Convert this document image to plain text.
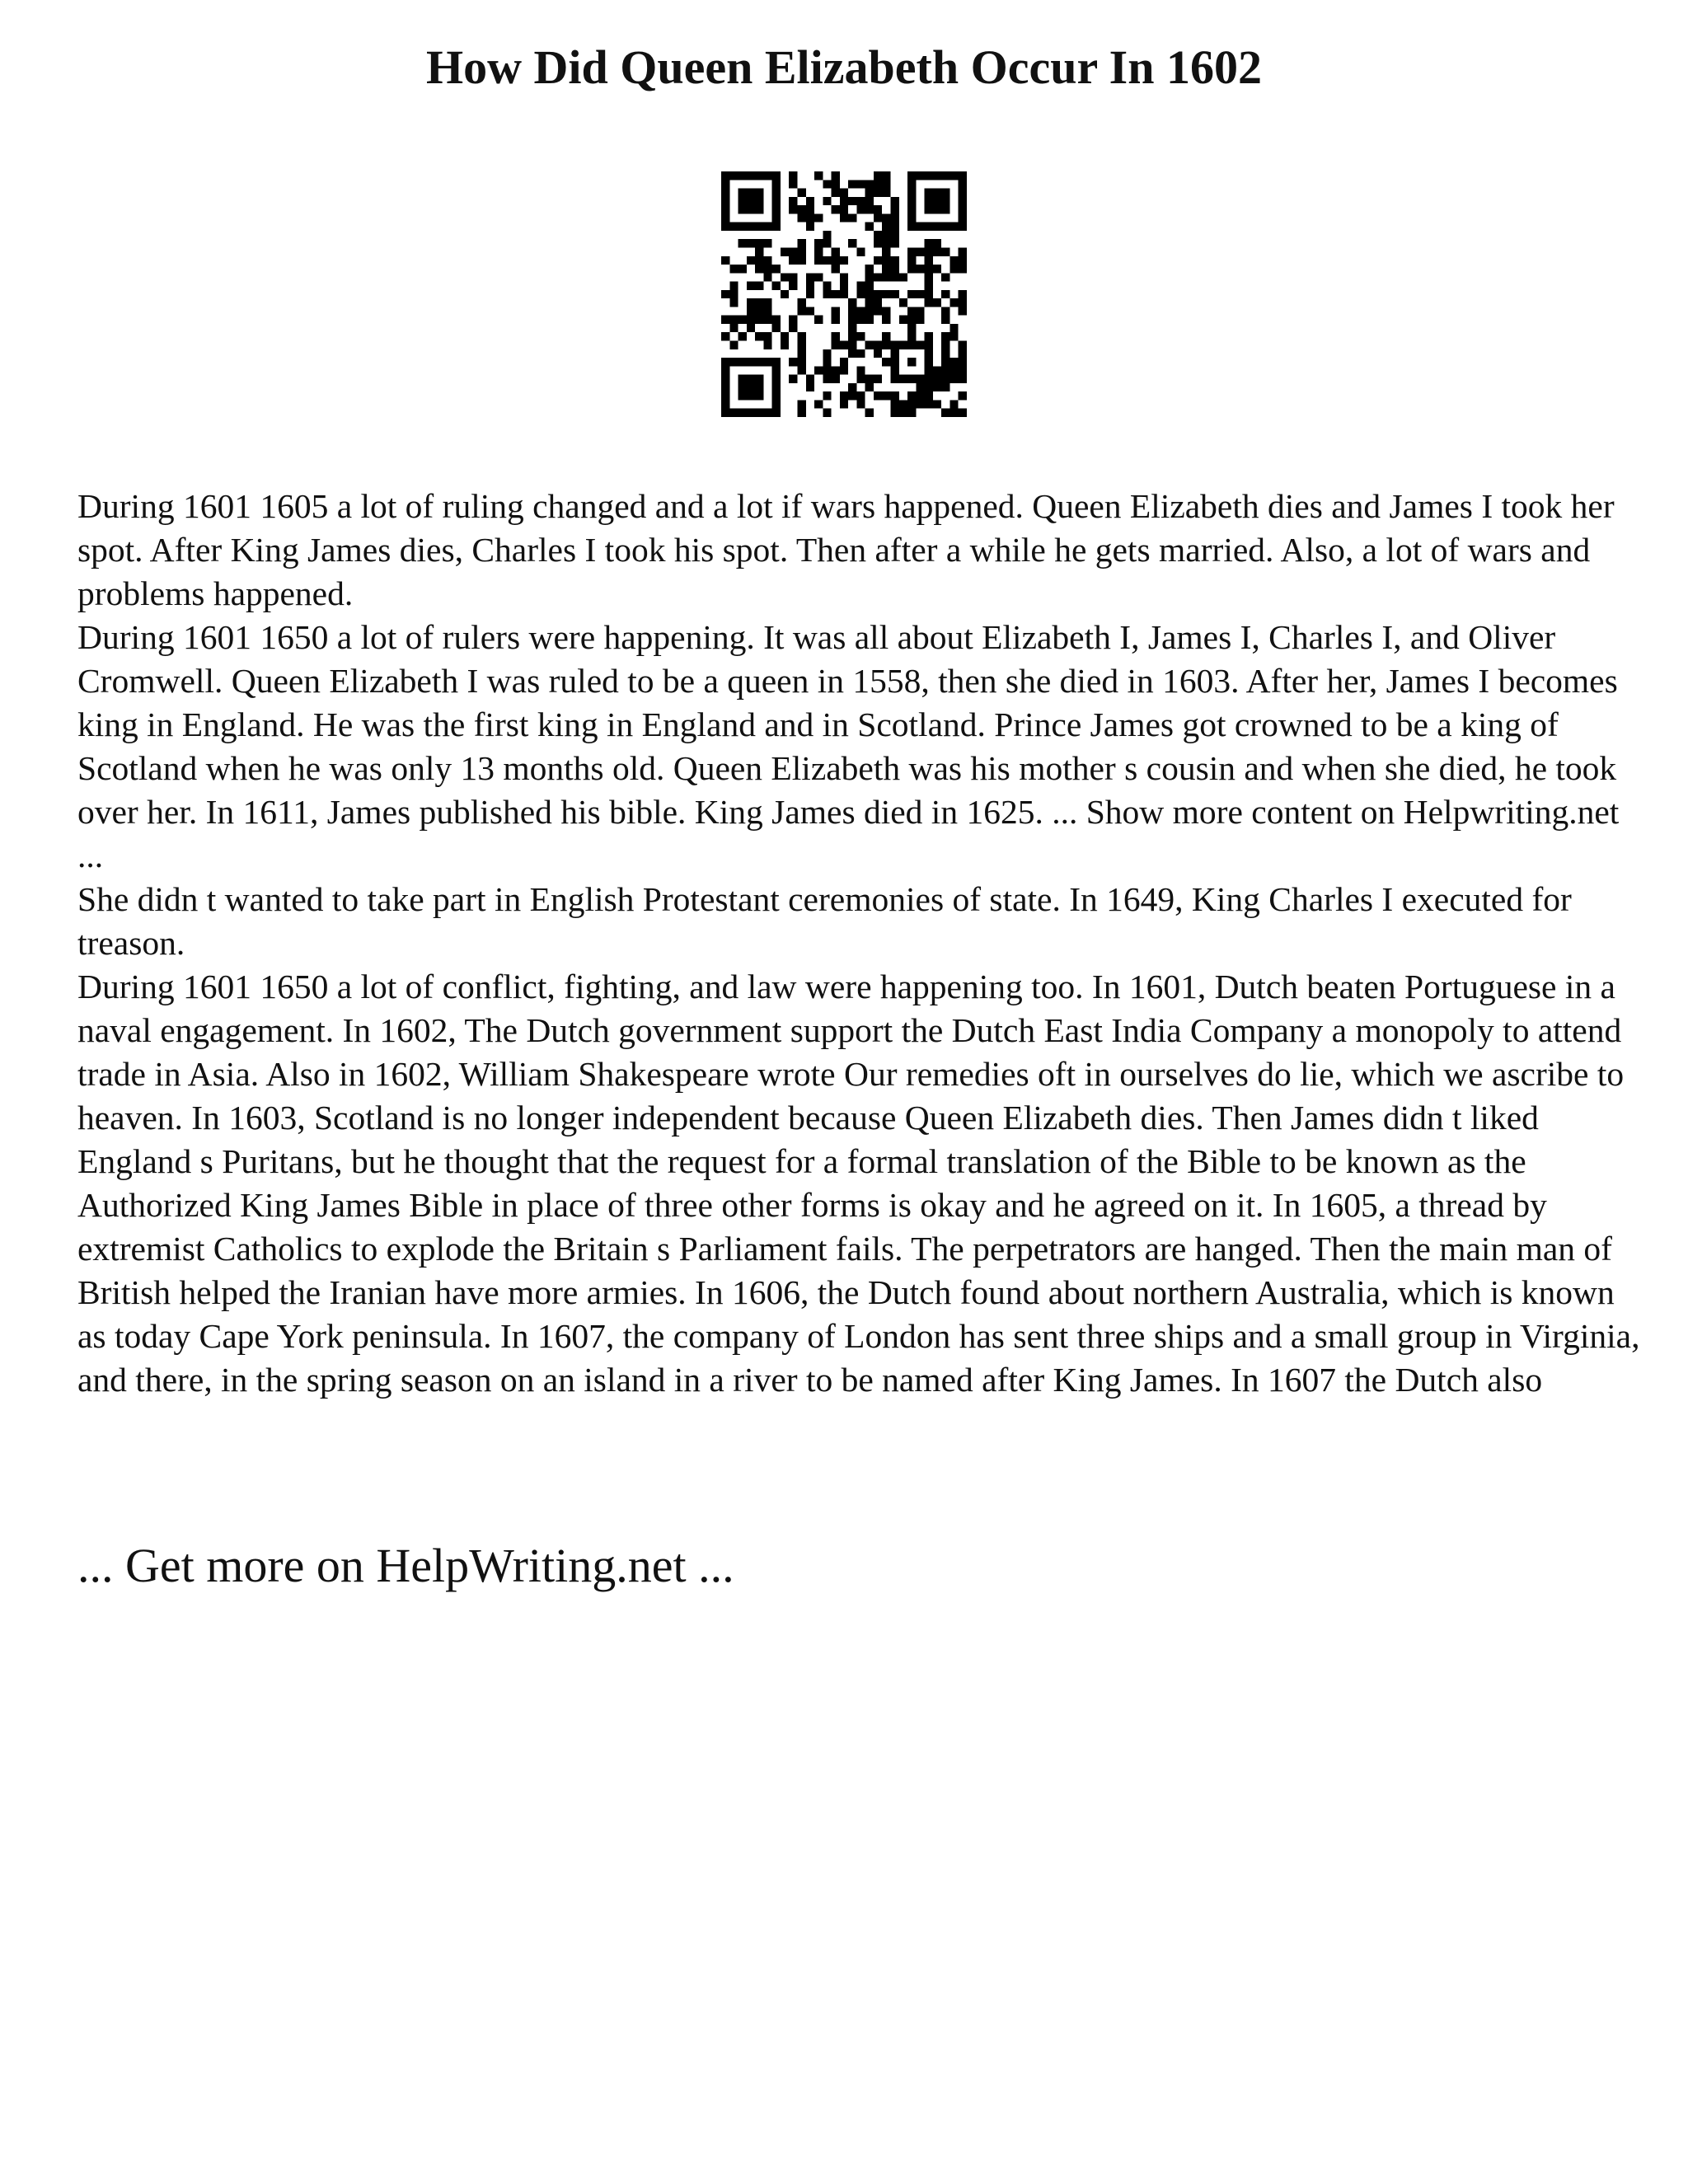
How Did Queen Elizabeth Occur In 1602

During 1601 1605 a lot of ruling changed and a lot if wars happened. Queen Elizabeth dies and James I took her spot. After King James dies, Charles I took his spot. Then after a while he gets married. Also, a lot of wars and problems happened.

During 1601 1650 a lot of rulers were happening. It was all about Elizabeth I, James I, Charles I, and Oliver Cromwell. Queen Elizabeth I was ruled to be a queen in 1558, then she died in 1603. After her, James I becomes king in England. He was the first king in England and in Scotland. Prince James got crowned to be a king of Scotland when he was only 13 months old. Queen Elizabeth was his mother s cousin and when she died, he took over her. In 1611, James published his bible. King James died in 1625. ... Show more content on Helpwriting.net ...

She didn t wanted to take part in English Protestant ceremonies of state. In 1649, King Charles I executed for treason.

During 1601 1650 a lot of conflict, fighting, and law were happening too. In 1601, Dutch beaten Portuguese in a naval engagement. In 1602, The Dutch government support the Dutch East India Company a monopoly to attend trade in Asia. Also in 1602, William Shakespeare wrote Our remedies oft in ourselves do lie, which we ascribe to heaven. In 1603, Scotland is no longer independent because Queen Elizabeth dies. Then James didn t liked England s Puritans, but he thought that the request for a formal translation of the Bible to be known as the Authorized King James Bible in place of three other forms is okay and he agreed on it. In 1605, a thread by extremist Catholics to explode the Britain s Parliament fails. The perpetrators are hanged. Then the main man of British helped the Iranian have more armies. In 1606, the Dutch found about northern Australia, which is known as today Cape York peninsula. In 1607, the company of London has sent three ships and a small group in Virginia, and there, in the spring season on an island in a river to be named after King James. In 1607 the Dutch also

... Get more on HelpWriting.net ...
